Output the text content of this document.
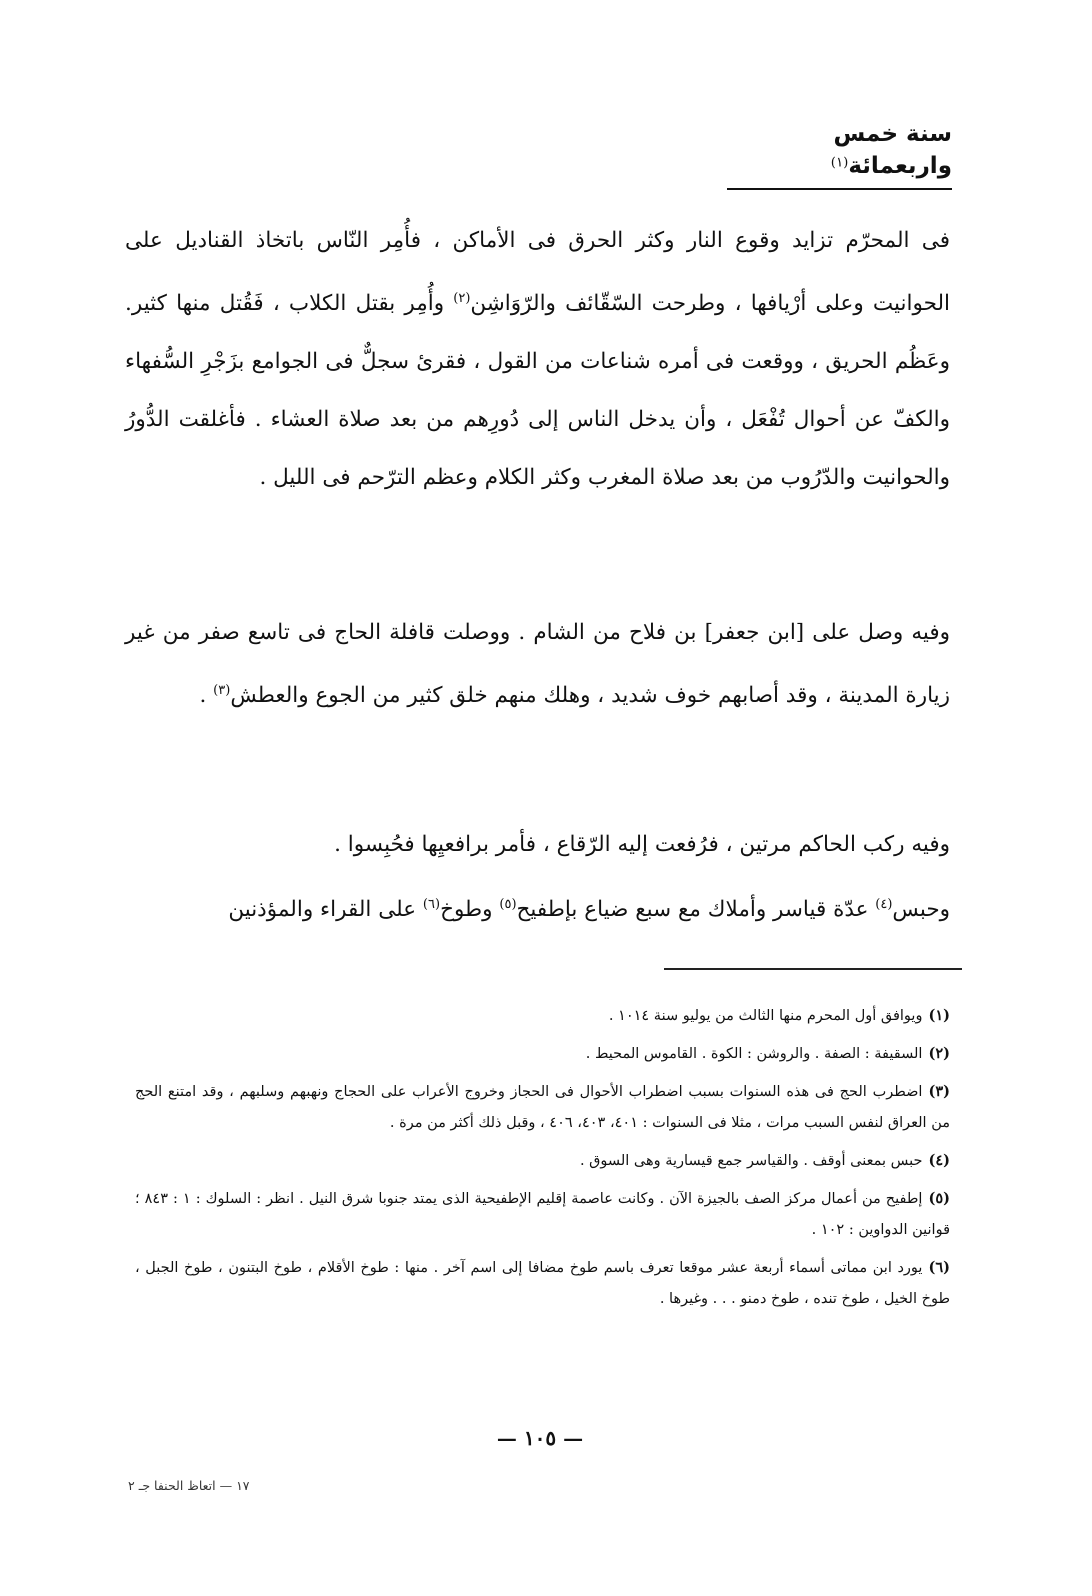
سنة خمس واربعمائة$^{(١)}$

فى المحرّم تزايد وقوع النار وكثر الحرق فى الأماكن ، فأُمِر النّاس باتخاذ القناديل على الحوانيت وعلى أرْيافها ، وطرحت السّقّائف والرّوَاشِن$^{(٢)}$ وأُمِر بقتل الكلاب ، فَقُتل منها كثير. وعَظُم الحريق ، ووقعت فى أمره شناعات من القول ، فقرئ سجلٌّ فى الجوامع بزَجْرِ السُّفهاء والكفّ عن أحوال تُفْعَل ، وأن يدخل الناس إلى دُورِهم من بعد صلاة العشاء . فأغلقت الدُّورُ والحوانيت والدّرُوب من بعد صلاة المغرب وكثر الكلام وعظم الترّحم فى الليل .

وفيه وصل على [ابن جعفر] بن فلاح من الشام . ووصلت قافلة الحاج فى تاسع صفر من غير زيارة المدينة ، وقد أصابهم خوف شديد ، وهلك منهم خلق كثير من الجوع والعطش$^{(٣)}$ .

وفيه ركب الحاكم مرتين ، فرُفعت إليه الرّقاع ، فأمر برافعيِها فحُبِسوا .

وحبس$^{(٤)}$ عدّة قياسر وأملاك مع سبع ضياع بإطفيح$^{(٥)}$ وطوخ$^{(٦)}$ على القراء والمؤذنين

(١)ويوافق أول المحرم منها الثالث من يوليو سنة ١٠١٤ .

(٢)السقيفة : الصفة . والروشن : الكوة . القاموس المحيط .

(٣)اضطرب الحج فى هذه السنوات بسبب اضطراب الأحوال فى الحجاز وخروج الأعراب على الحجاج ونهبهم وسلبهم ، وقد امتنع الحج من العراق لنفس السبب مرات ، مثلا فى السنوات : ٤٠١، ٤٠٣، ٤٠٦ ، وقبل ذلك أكثر من مرة .

(٤)حبس بمعنى أوقف . والقياسر جمع قيسارية وهى السوق .

(٥)إطفيح من أعمال مركز الصف بالجيزة الآن . وكانت عاصمة إقليم الإطفيحية الذى يمتد جنوبا شرق النيل . انظر : السلوك : ١ : ٨٤٣ ؛ قوانين الدواوين : ١٠٢ .

(٦)يورد ابن مماتى أسماء أربعة عشر موقعا تعرف باسم طوخ مضافا إلى اسم آخر . منها : طوخ الأقلام ، طوخ البتنون ، طوخ الجبل ، طوخ الخيل ، طوخ تنده ، طوخ دمنو . . . وغيرها .

— ١٠٥ —
١٧ — اتعاظ الحنفا جـ ٢
